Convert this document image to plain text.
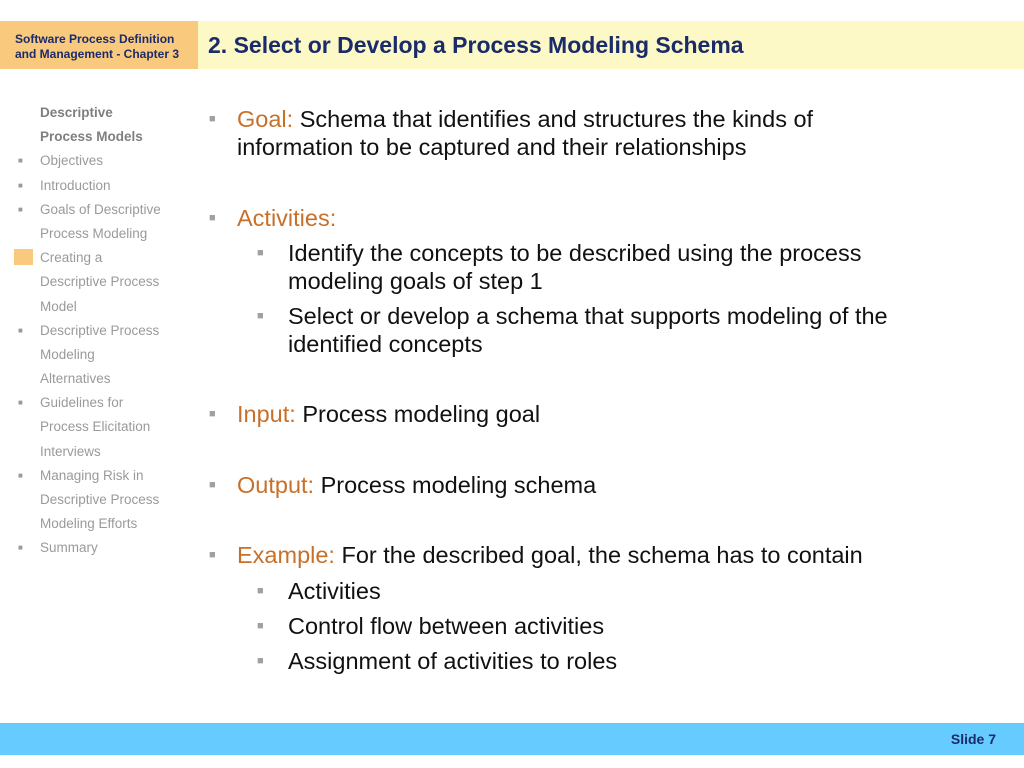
Software Process Definition
and Management - Chapter 3	2. Select or Develop a Process Modeling Schema
Descriptive
Process Models
■ Objectives
■ Introduction
■ Goals of Descriptive
Process Modeling
Creating a
Descriptive Process
Model
■ Descriptive Process
Modeling
Alternatives
■ Guidelines for
Process Elicitation
Interviews
■ Managing Risk in
Descriptive Process
Modeling Efforts
■ Summary
■ Goal: Schema that identifies and structures the kinds of
information to be captured and their relationships
■ Activities:
■ Identify the concepts to be described using the process
modeling goals of step 1
■ Select or develop a schema that supports modeling of the
identified concepts
■ Input: Process modeling goal
■ Output: Process modeling schema
■ Example: For the described goal, the schema has to contain
■ Activities
■ Control flow between activities
■ Assignment of activities to roles
Slide 7
